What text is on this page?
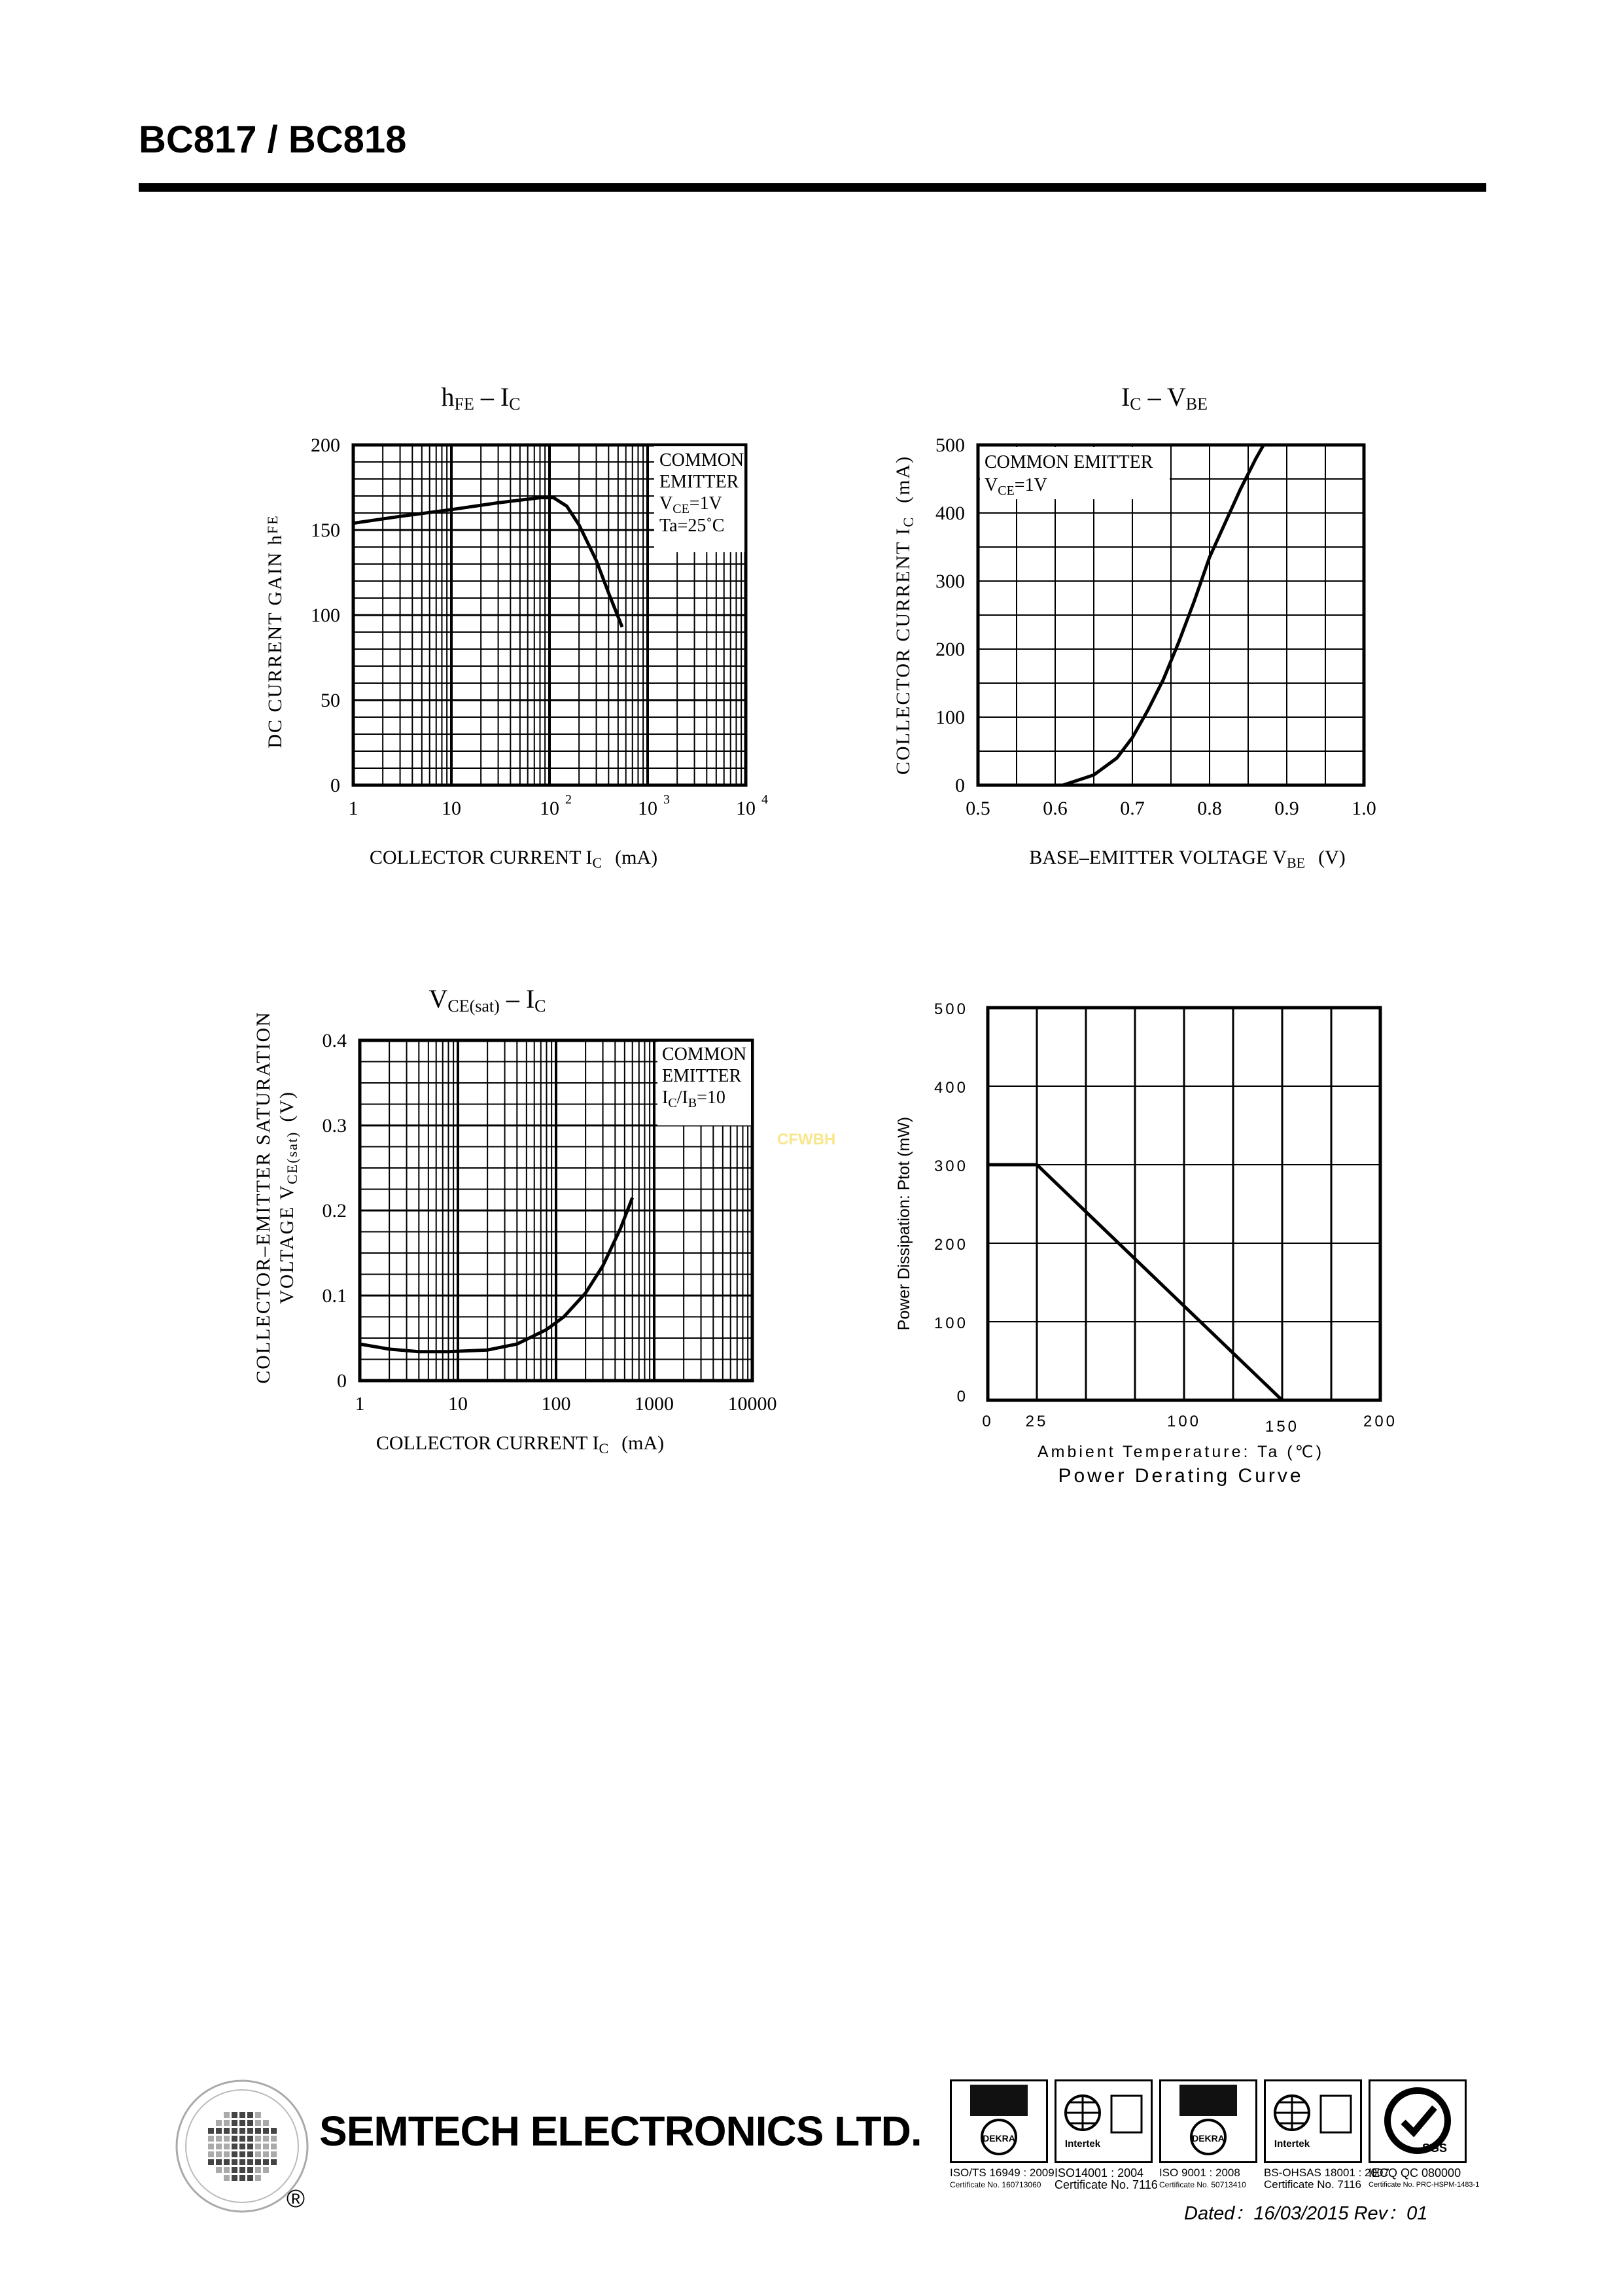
BC817 / BC818
hFE – IC
0
50
100
150
200
1	10	10 2	10 3	10 4
COMMON
EMITTER
$V_{CE}=1V$
Ta=25˚C
COLLECTOR CURRENT $I_C$ (mA)
DC CURRENT GAIN $h^{FE}$
IC – VBE
0
100
200
300
400
500
0.5	0.6	0.7	0.8	0.9	1.0
COMMON EMITTER
$V_{CE}=1V$
BASE–EMITTER VOLTAGE $V_{BE}$ (V)
COLLECTOR CURRENT $I_C(mA)$
VCE(sat) – IC
0
0.1
0.2
0.3
0.4
1	10	100	1000	10000
COMMON
EMITTER
$I_C/I_B=10$
COLLECTOR CURRENT $I_C$ (mA)
COLLECTOR–EMITTER SATURATION VOLTAGE $V_{CE(sat)}(V)$
CFWBH
0
100
200
300
400
500
0 25	100	150	200
Ambient Temperature: Ta (℃)
Power Derating Curve
Power Dissipation: Ptot (mW)
SEMTECH ELECTRONICS LTD.
®
DEKRA
ISO/TS 16949 : 2009
Certificate No. 160713060
Intertek
ISO14001 : 2004
Certificate No. 7116
DEKRA
ISO 9001 : 2008
Certificate No. 50713410
Intertek
BS-OHSAS 18001 : 2007
Certificate No. 7116
SGS
IECQ QC 080000
Certificate No. PRC-HSPM-1483-1
Dated：16/03/2015 Rev：01
